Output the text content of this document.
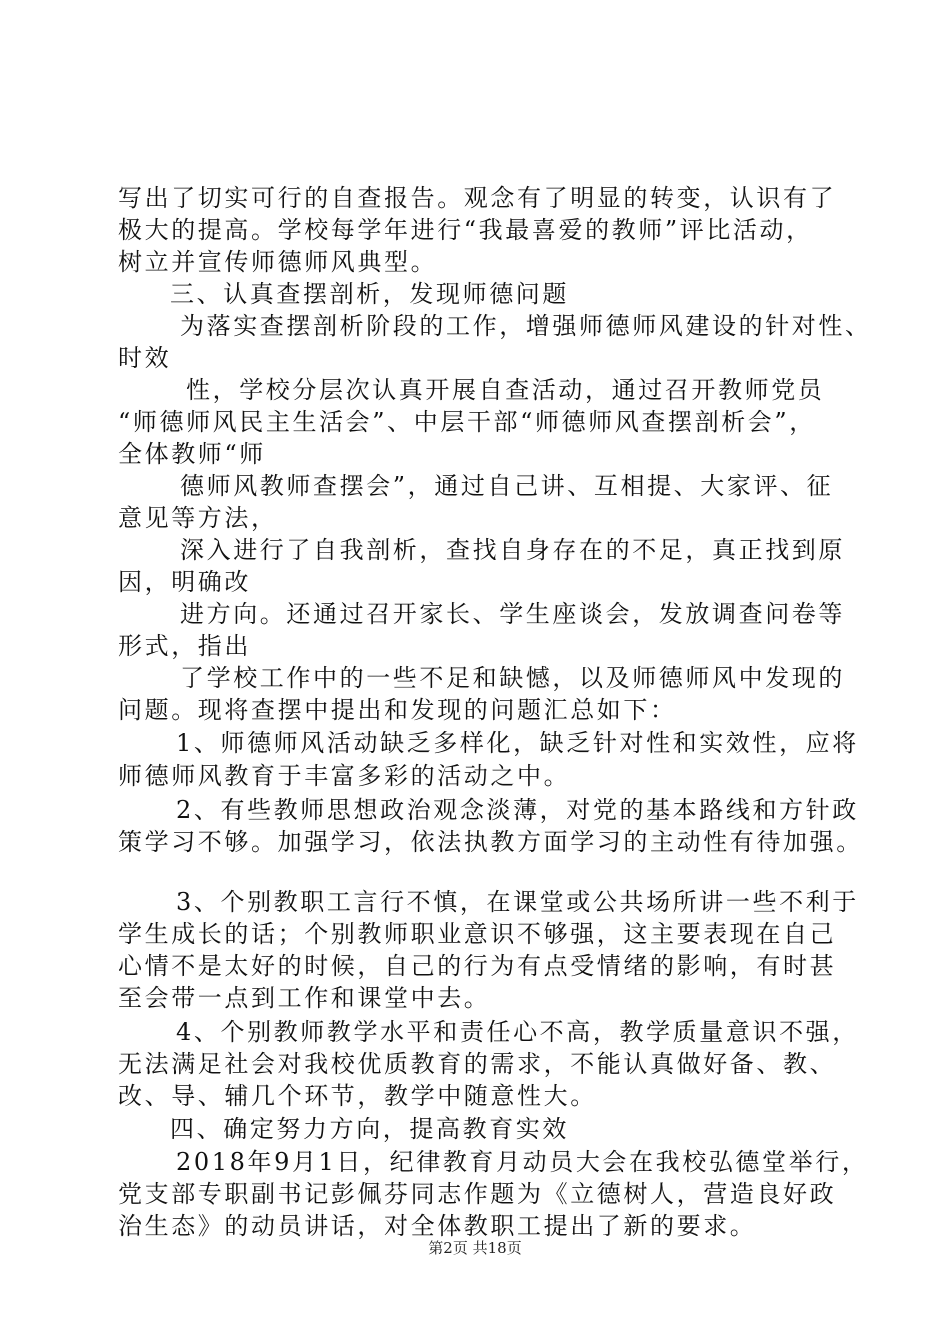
写出了切实可行的自查报告。观念有了明显的转变，认识有了
极大的提高。学校每学年进行“我最喜爱的教师”评比活动，
树立并宣传师德师风典型。
三、认真查摆剖析，发现师德问题
为落实查摆剖析阶段的工作，增强师德师风建设的针对性、
时效
性，学校分层次认真开展自查活动，通过召开教师党员
“师德师风民主生活会”、中层干部“师德师风查摆剖析会”，
全体教师“师
德师风教师查摆会”，通过自己讲、互相提、大家评、征
意见等方法，
深入进行了自我剖析，查找自身存在的不足，真正找到原
因，明确改
进方向。还通过召开家长、学生座谈会，发放调查问卷等
形式，指出
了学校工作中的一些不足和缺憾，以及师德师风中发现的
问题。现将查摆中提出和发现的问题汇总如下：
1、师德师风活动缺乏多样化，缺乏针对性和实效性，应将
师德师风教育于丰富多彩的活动之中。
2、有些教师思想政治观念淡薄，对党的基本路线和方针政
策学习不够。加强学习，依法执教方面学习的主动性有待加强。
3、个别教职工言行不慎，在课堂或公共场所讲一些不利于
学生成长的话；个别教师职业意识不够强，这主要表现在自己
心情不是太好的时候，自己的行为有点受情绪的影响，有时甚
至会带一点到工作和课堂中去。
4、个别教师教学水平和责任心不高，教学质量意识不强，
无法满足社会对我校优质教育的需求，不能认真做好备、教、
改、导、辅几个环节，教学中随意性大。
四、确定努力方向，提高教育实效
2018年9月1日，纪律教育月动员大会在我校弘德堂举行，
党支部专职副书记彭佩芬同志作题为《立德树人，营造良好政
治生态》的动员讲话，对全体教职工提出了新的要求。
第2页 共18页
